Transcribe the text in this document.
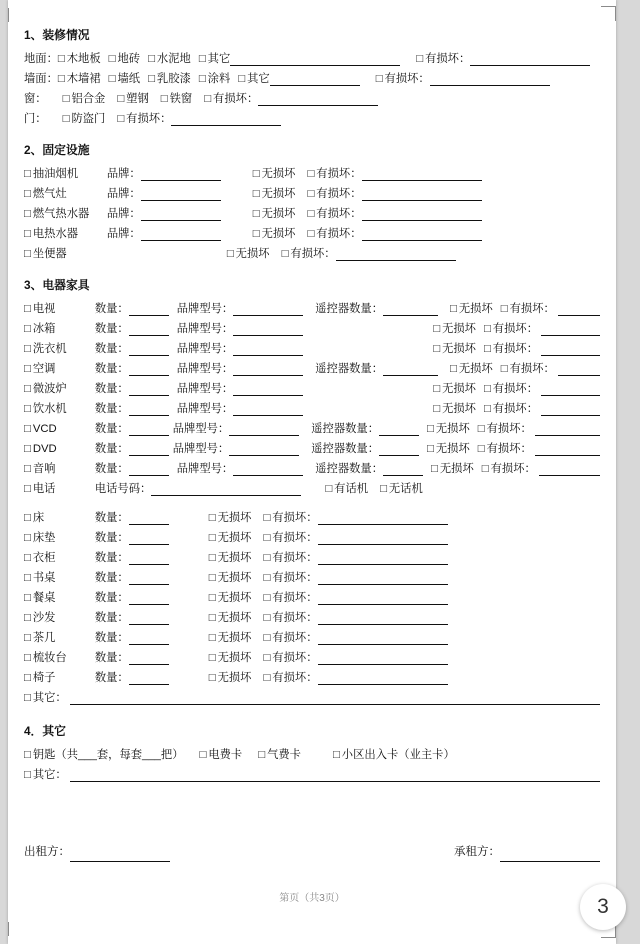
1、装修情况
地面： □ 木地板 □ 地砖 □ 水泥地 □ 其它 □	有损坏：
墙面： □ 木墙裙 □ 墙纸 □ 乳胶漆 □ 涂料 □ 其它 □	有损坏：
窗： □ 铝合金 □ 塑钢 □ 铁窗 □ 有损坏：
门： □ 防盗门 □ 有损坏：
2、固定设施
□
抽油烟机	品牌： □	无损坏 □ 有损坏：
□
燃气灶	品牌： □	无损坏 □ 有损坏：
□
燃气热水器	品牌： □	无损坏 □ 有损坏：
□
电热水器	品牌： □	无损坏 □ 有损坏：
□
坐便器 □	无损坏 □ 有损坏：
3、电器家具
□
电视	数量：	品牌型号：	遥控器数量： □	无损坏 □ 有损坏：
□
冰箱	数量：	品牌型号： □	无损坏 □ 有损坏：
□
洗衣机	数量：	品牌型号： □	无损坏 □ 有损坏：
□
空调	数量：	品牌型号：	遥控器数量： □	无损坏 □ 有损坏：
□
微波炉	数量：	品牌型号： □	无损坏 □ 有损坏：
□
饮水机	数量：	品牌型号： □	无损坏 □ 有损坏：
□
VCD	数量：	品牌型号：	遥控器数量： □	无损坏 □ 有损坏：
□
DVD	数量：	品牌型号：	遥控器数量： □	无损坏 □ 有损坏：
□
音响	数量：	品牌型号：	遥控器数量： □	无损坏 □ 有损坏：
□
电话	电话号码： □	有话机 □ 无话机
□
床	数量： □	无损坏 □ 有损坏：
□
床垫	数量： □	无损坏 □ 有损坏：
□
衣柜	数量： □	无损坏 □ 有损坏：
□
书桌	数量： □	无损坏 □ 有损坏：
□
餐桌	数量： □	无损坏 □ 有损坏：
□
沙发	数量： □	无损坏 □ 有损坏：
□
茶几	数量： □	无损坏 □ 有损坏：
□
梳妆台	数量： □	无损坏 □ 有损坏：
□
椅子	数量： □	无损坏 □ 有损坏：
□
其它：
4．其它
□
钥匙（共___套，每套___把） □ 电费卡 □ 气费卡 □	小区出入卡（业主卡）
□
其它：
出租方：	承租方：
第页（共3页）	3
